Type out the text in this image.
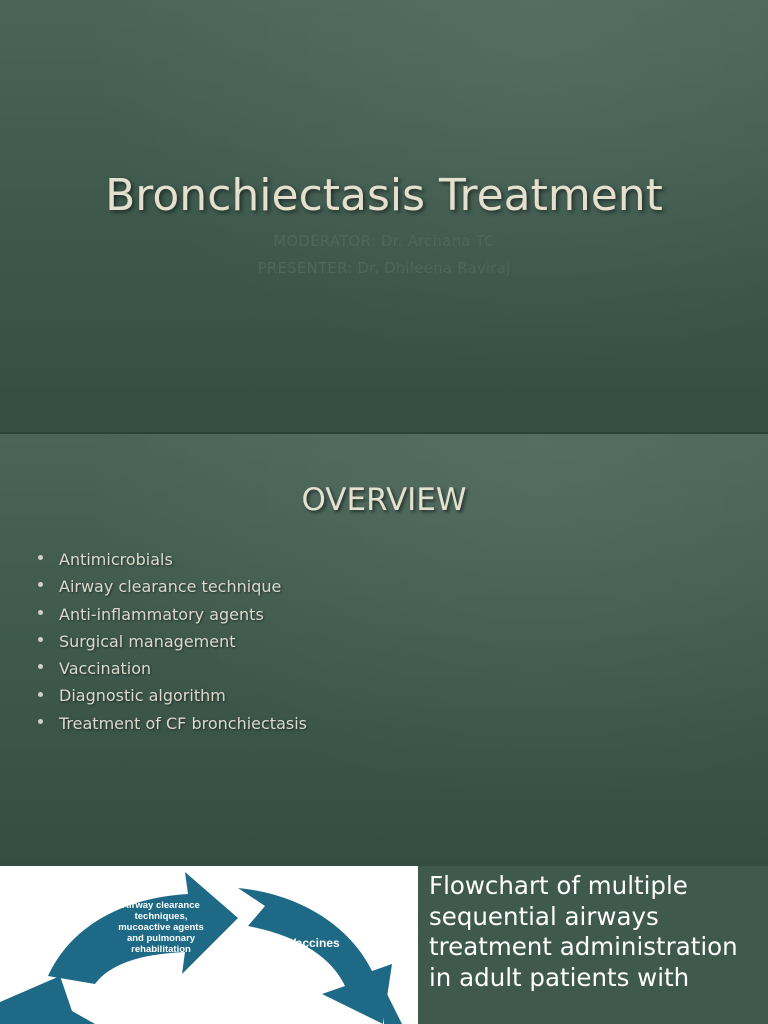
Bronchiectasis Treatment
MODERATOR: Dr. Archana TC
PRESENTER: Dr. Dhileena Raviraj
OVERVIEW
Antimicrobials
Airway clearance technique
Anti-inflammatory agents
Surgical management
Vaccination
Diagnostic algorithm
Treatment of CF bronchiectasis
Airway clearance
techniques,
mucoactive agents
and pulmonary
rehabilitation	Vaccines
Flowchart of multiple sequential airways treatment administration in adult patients with
